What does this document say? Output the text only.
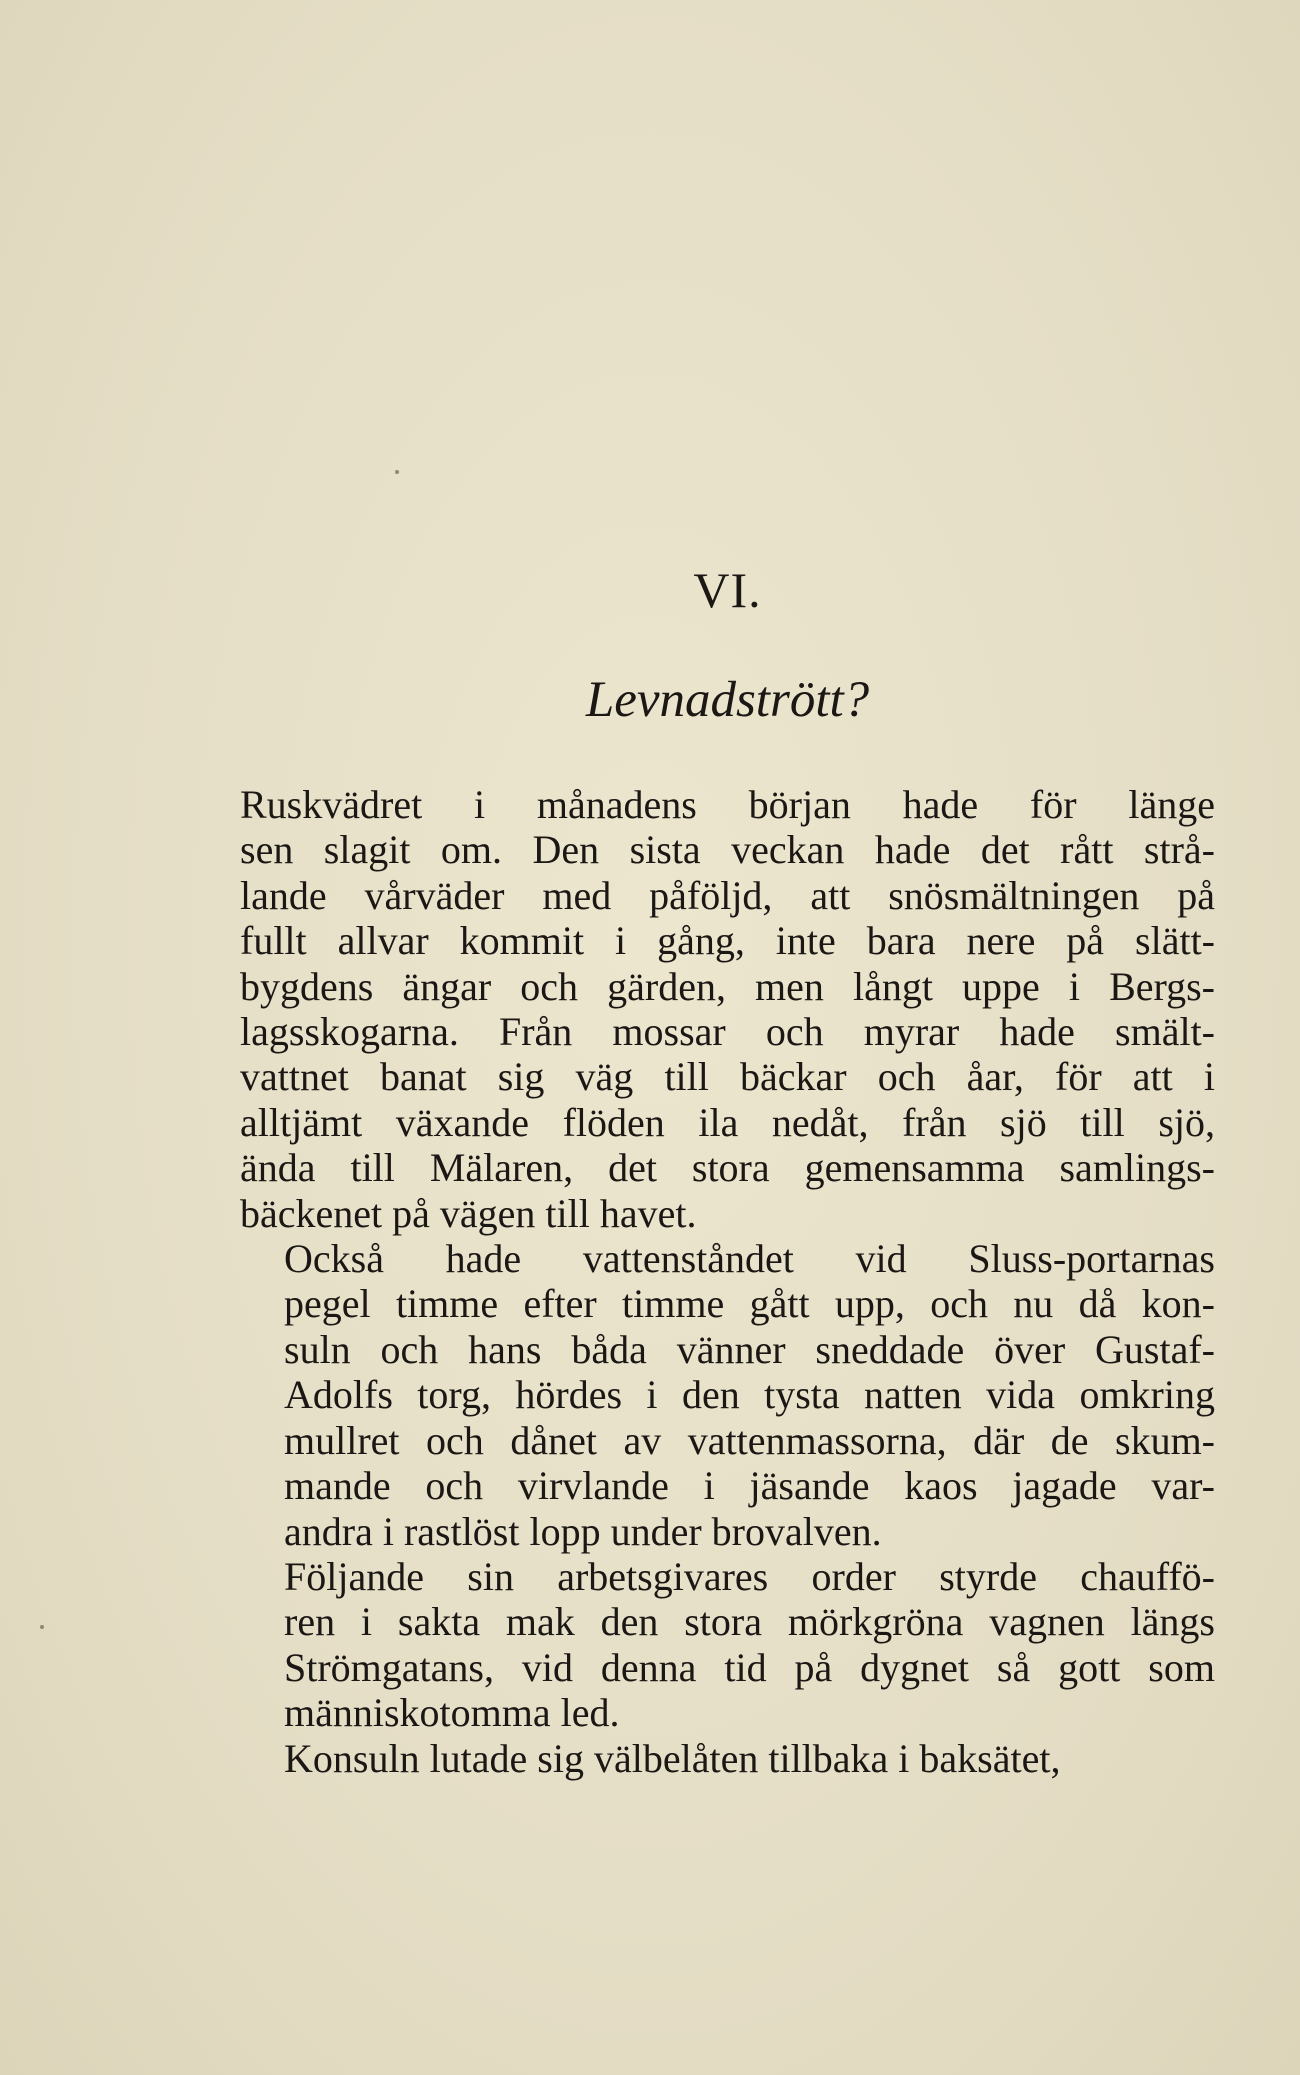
VI.
Levnadstrött?
Ruskvädret i månadens början hade för länge
sen slagit om. Den sista veckan hade det rått strå-
lande vårväder med påföljd, att snösmältningen på
fullt allvar kommit i gång, inte bara nere på slätt-
bygdens ängar och gärden, men långt uppe i Bergs-
lagsskogarna. Från mossar och myrar hade smält-
vattnet banat sig väg till bäckar och åar, för att i
alltjämt växande flöden ila nedåt, från sjö till sjö,
ända till Mälaren, det stora gemensamma samlings-
bäckenet på vägen till havet.
Också hade vattenståndet vid Sluss-portarnas
pegel timme efter timme gått upp, och nu då kon-
suln och hans båda vänner sneddade över Gustaf-
Adolfs torg, hördes i den tysta natten vida omkring
mullret och dånet av vattenmassorna, där de skum-
mande och virvlande i jäsande kaos jagade var-
andra i rastlöst lopp under brovalven.
Följande sin arbetsgivares order styrde chauffö-
ren i sakta mak den stora mörkgröna vagnen längs
Strömgatans, vid denna tid på dygnet så gott som
människotomma led.
Konsuln lutade sig välbelåten tillbaka i baksätet,
